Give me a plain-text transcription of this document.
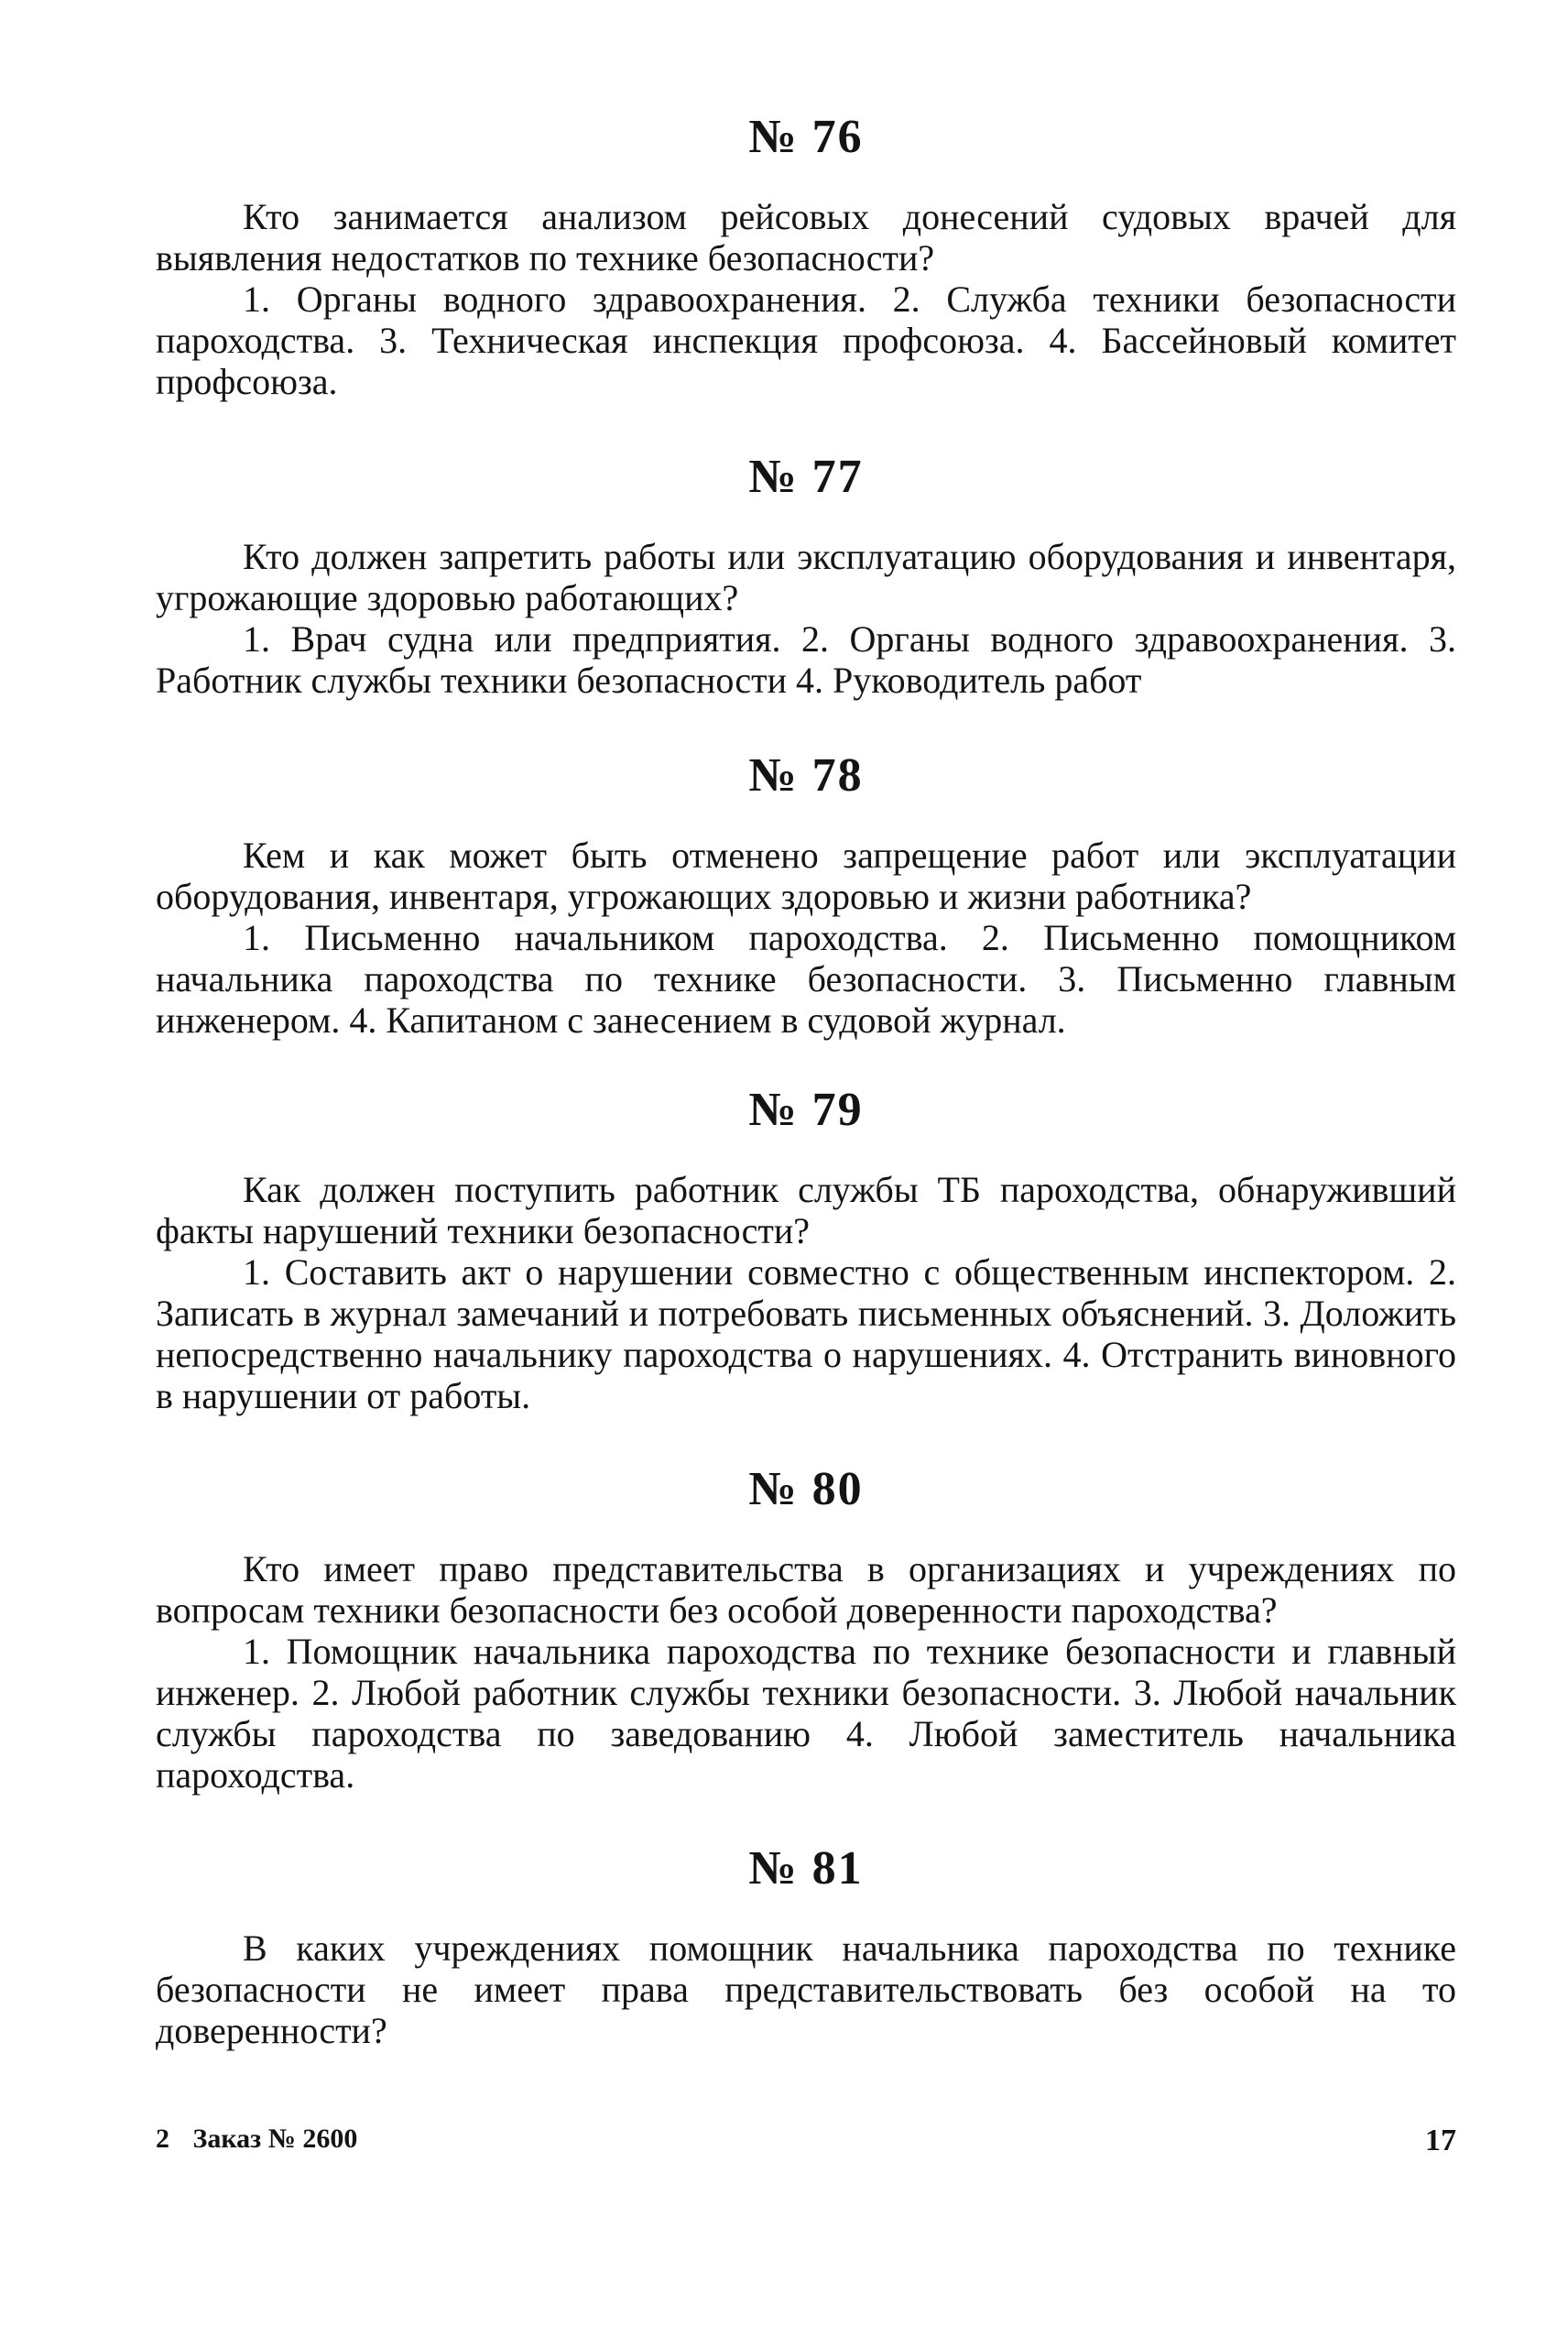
№ 76

Кто занимается анализом рейсовых донесений судовых врачей для выявления недостатков по технике безопасности?

1. Органы водного здравоохранения. 2. Служба техники безопасности пароходства. 3. Техническая инспекция профсоюза. 4. Бассейновый комитет профсоюза.

№ 77

Кто должен запретить работы или эксплуатацию оборудования и инвентаря, угрожающие здоровью работающих?

1. Врач судна или предприятия. 2. Органы водного здравоохранения. 3. Работник службы техники безопасности 4. Руководитель работ

№ 78

Кем и как может быть отменено запрещение работ или эксплуатации оборудования, инвентаря, угрожающих здоровью и жизни работника?

1. Письменно начальником пароходства. 2. Письменно помощником начальника пароходства по технике безопасности. 3. Письменно главным инженером. 4. Капитаном с занесением в судовой журнал.

№ 79

Как должен поступить работник службы ТБ пароходства, обнаруживший факты нарушений техники безопасности?

1. Составить акт о нарушении совместно с общественным инспектором. 2. Записать в журнал замечаний и потребовать письменных объяснений. 3. Доложить непосредственно начальнику пароходства о нарушениях. 4. Отстранить виновного в нарушении от работы.

№ 80

Кто имеет право представительства в организациях и учреждениях по вопросам техники безопасности без особой доверенности пароходства?

1. Помощник начальника пароходства по технике безопасности и главный инженер. 2. Любой работник службы техники безопасности. 3. Любой начальник службы пароходства по заведованию 4. Любой заместитель начальника пароходства.

№ 81

В каких учреждениях помощник начальника пароходства по технике безопасности не имеет права представительствовать без особой на то доверенности?

2 Заказ № 2600	17
